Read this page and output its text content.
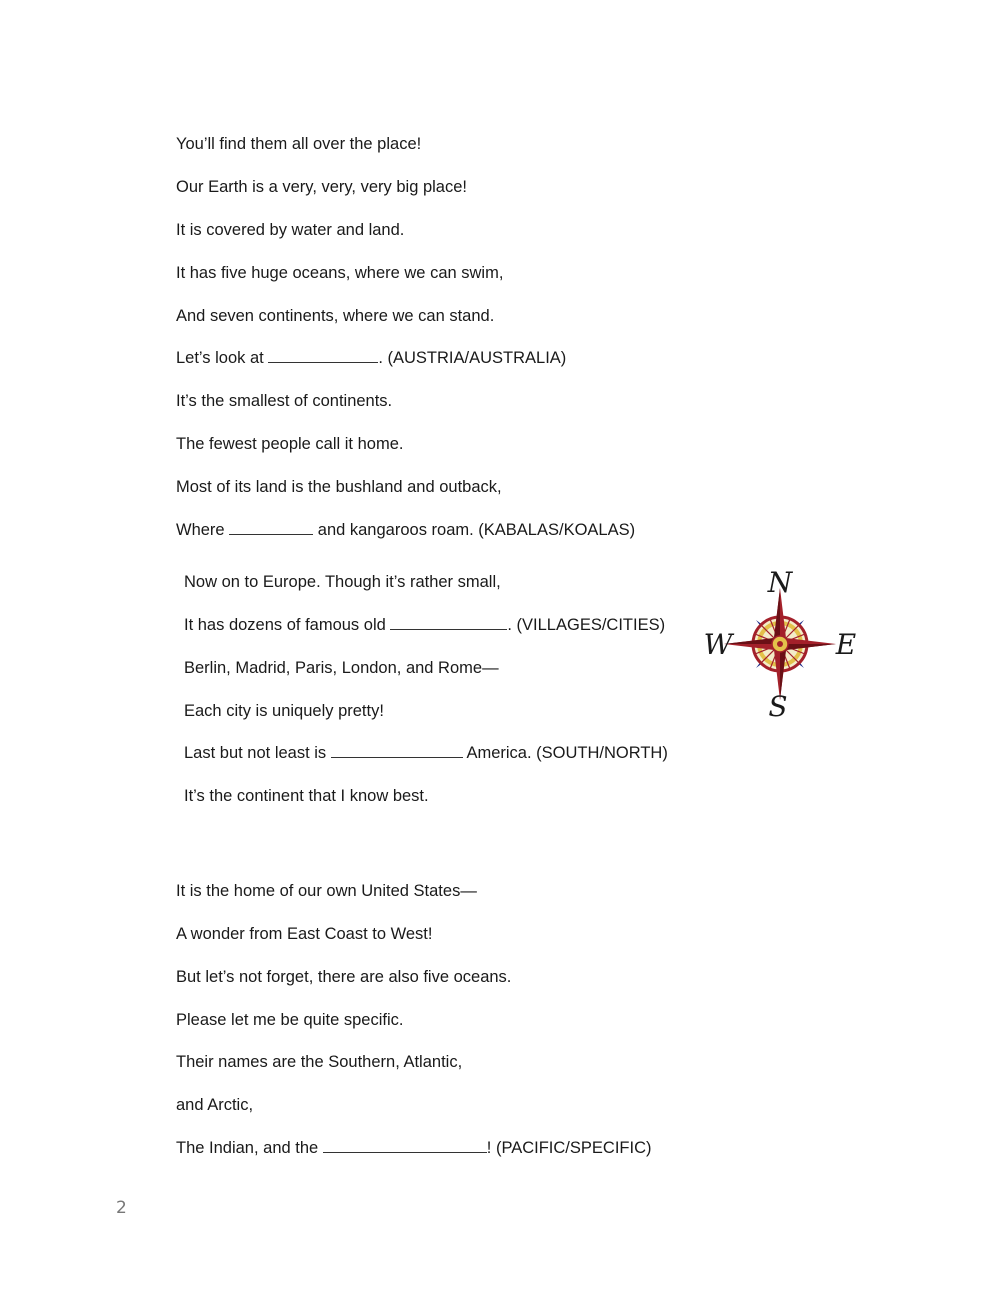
You’ll find them all over the place!

Our Earth is a very, very, very big place!

It is covered by water and land.

It has five huge oceans, where we can swim,

And seven continents, where we can stand.

Let’s look at	. (AUSTRIA/AUSTRALIA)

It’s the smallest of continents.

The fewest people call it home.

Most of its land is the bushland and outback,

Where	and kangaroos roam. (KABALAS/KOALAS)

Now on to Europe. Though it’s rather small,

It has dozens of famous old	. (VILLAGES/CITIES)

Berlin, Madrid, Paris, London, and Rome—

Each city is uniquely pretty!

Last but not least is	America. (SOUTH/NORTH)

It’s the continent that I know best.

It is the home of our own United States—

A wonder from East Coast to West!

But let’s not forget, there are also five oceans.

Please let me be quite specific.

Their names are the Southern, Atlantic,

and Arctic,

The Indian, and the	! (PACIFIC/SPECIFIC)

N
E
S
W
2
